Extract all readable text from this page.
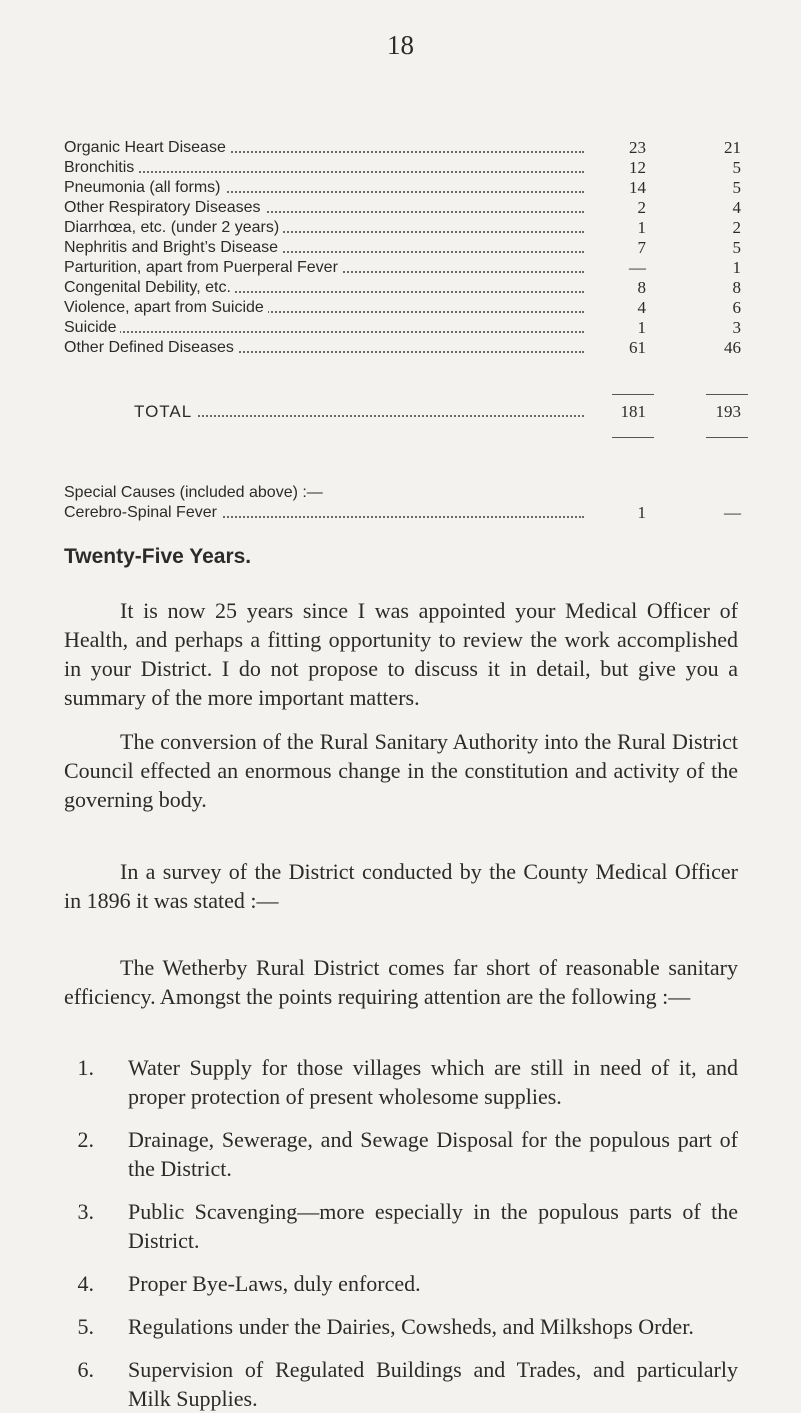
18
Organic Heart Disease	23	21
Bronchitis	12	5
Pneumonia (all forms)	14	5
Other Respiratory Diseases	2	4
Diarrhœa, etc. (under 2 years)	1	2
Nephritis and Bright’s Disease	7	5
Parturition, apart from Puerperal Fever	—	1
Congenital Debility, etc.	8	8
Violence, apart from Suicide	4	6
Suicide	1	3
Other Defined Diseases	61	46
TOTAL	181	193
Special Causes (included above) :—
Cerebro-Spinal Fever	1	—
Twenty-Five Years.

It is now 25 years since I was appointed your Medical Officer of Health, and perhaps a fitting opportunity to review the work accomplished in your District. I do not propose to discuss it in detail, but give you a summary of the more important matters.

The conversion of the Rural Sanitary Authority into the Rural District Council effected an enormous change in the constitution and activity of the governing body.

In a survey of the District conducted by the County Medical Officer in 1896 it was stated :—

The Wetherby Rural District comes far short of reasonable sanitary efficiency. Amongst the points requiring attention are the following :—

1. Water Supply for those villages which are still in need of it, and proper protection of present wholesome supplies.
2. Drainage, Sewerage, and Sewage Disposal for the populous part of the District.
3. Public Scavenging—more especially in the populous parts of the District.
4. Proper Bye-Laws, duly enforced.
5. Regulations under the Dairies, Cowsheds, and Milkshops Order.
6. Supervision of Regulated Buildings and Trades, and particularly Milk Supplies.
